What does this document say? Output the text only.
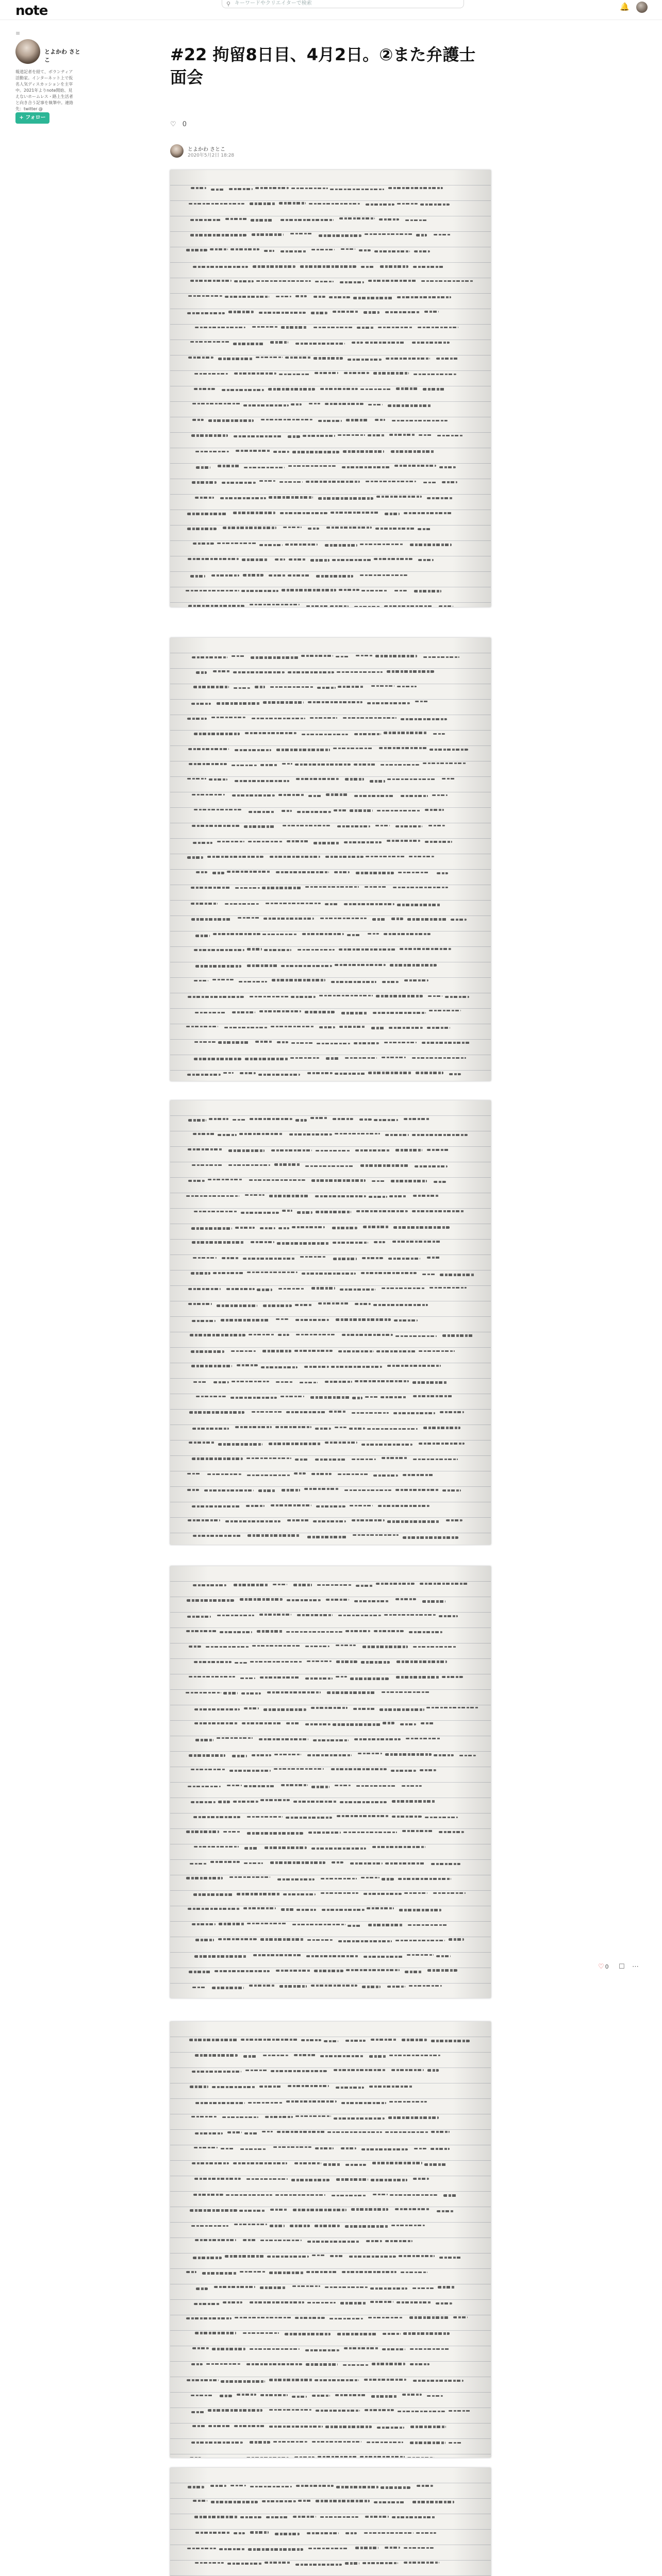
note	⚲ キーワードやクリエイターで検索	🔔
≡
とよかわ さとこ
報道記者を経て、ボランティア活動家。インターネット上で仮名人気ディスカッションを主宰中。2021年よりnote開始、見えないホームレス・路上生活者と向き合う記事を執筆中。連絡先：twitter @
+ フォロー
#22 拘留8日目、4月2日。②また弁護士面会
♡ 0
とよかわ さとこ
2020年5月2日 18:28
♡ 0 ☐ ⋯
